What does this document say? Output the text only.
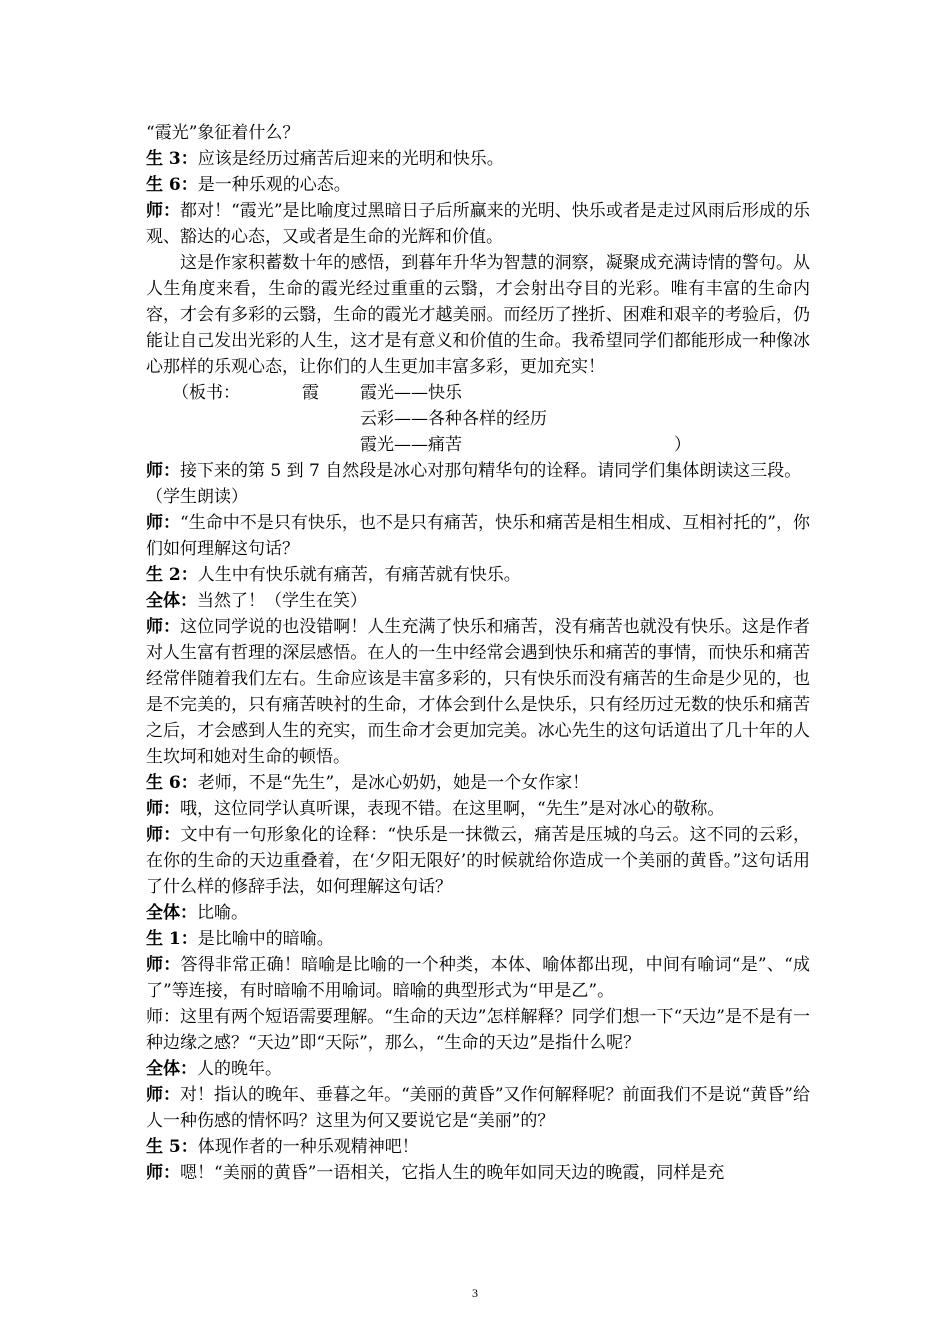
“霞光”象征着什么？
生 3：应该是经历过痛苦后迎来的光明和快乐。
生 6：是一种乐观的心态。
师：都对！“霞光”是比喻度过黑暗日子后所赢来的光明、快乐或者是走过风雨后形成的乐观、豁达的心态，又或者是生命的光辉和价值。
这是作家积蓄数十年的感悟，到暮年升华为智慧的洞察，凝聚成充满诗情的警句。从人生角度来看，生命的霞光经过重重的云翳，才会射出夺目的光彩。唯有丰富的生命内容，才会有多彩的云翳，生命的霞光才越美丽。而经历了挫折、困难和艰辛的考验后，仍能让自己发出光彩的人生，这才是有意义和价值的生命。我希望同学们都能形成一种像冰心那样的乐观心态，让你们的人生更加丰富多彩，更加充实！
（板书：	霞 霞光——快乐
云彩——各种各样的经历
霞光——痛苦	）
师：接下来的第 5 到 7 自然段是冰心对那句精华句的诠释。请同学们集体朗读这三段。
（学生朗读）
师：“生命中不是只有快乐，也不是只有痛苦，快乐和痛苦是相生相成、互相衬托的”，你们如何理解这句话？
生 2：人生中有快乐就有痛苦，有痛苦就有快乐。
全体：当然了！（学生在笑）
师：这位同学说的也没错啊！人生充满了快乐和痛苦，没有痛苦也就没有快乐。这是作者对人生富有哲理的深层感悟。在人的一生中经常会遇到快乐和痛苦的事情，而快乐和痛苦经常伴随着我们左右。生命应该是丰富多彩的，只有快乐而没有痛苦的生命是少见的，也是不完美的，只有痛苦映衬的生命，才体会到什么是快乐，只有经历过无数的快乐和痛苦之后，才会感到人生的充实，而生命才会更加完美。冰心先生的这句话道出了几十年的人生坎坷和她对生命的顿悟。
生 6：老师，不是“先生”，是冰心奶奶，她是一个女作家！
师：哦，这位同学认真听课，表现不错。在这里啊，“先生”是对冰心的敬称。
师：文中有一句形象化的诠释：“快乐是一抹微云，痛苦是压城的乌云。这不同的云彩，在你的生命的天边重叠着，在‘夕阳无限好’的时候就给你造成一个美丽的黄昏。”这句话用了什么样的修辞手法，如何理解这句话？
全体：比喻。
生 1：是比喻中的暗喻。
师：答得非常正确！暗喻是比喻的一个种类，本体、喻体都出现，中间有喻词“是”、“成了”等连接，有时暗喻不用喻词。暗喻的典型形式为“甲是乙”。
师：这里有两个短语需要理解。“生命的天边”怎样解释？同学们想一下“天边”是不是有一种边缘之感？“天边”即“天际”，那么，“生命的天边”是指什么呢？
全体：人的晚年。
师：对！指认的晚年、垂暮之年。“美丽的黄昏”又作何解释呢？前面我们不是说“黄昏”给人一种伤感的情怀吗？这里为何又要说它是“美丽”的？
生 5：体现作者的一种乐观精神吧！
师：嗯！“美丽的黄昏”一语相关，它指人生的晚年如同天边的晚霞，同样是充
3
